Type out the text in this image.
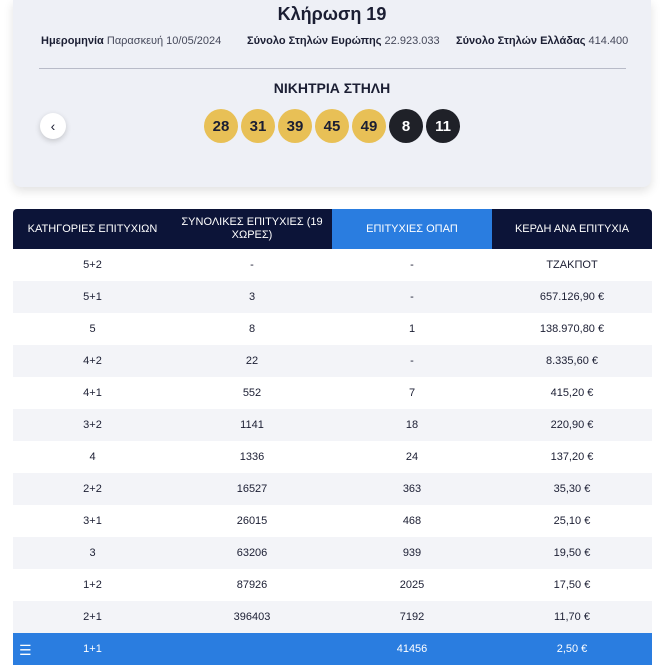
Κλήρωση 19
Ημερομηνία Παρασκευή 10/05/2024 Σύνολο Στηλών Ευρώπης 22.923.033 Σύνολο Στηλών Ελλάδας 414.400
ΝΙΚΗΤΡΙΑ ΣΤΗΛΗ
‹	28	31	39	45	49	8	11
ΚΑΤΗΓΟΡΙΕΣ ΕΠΙΤΥΧΙΩΝ	ΣΥΝΟΛΙΚΕΣ ΕΠΙΤΥΧΙΕΣ (19 ΧΩΡΕΣ)	ΕΠΙΤΥΧΙΕΣ ΟΠΑΠ	ΚΕΡΔΗ ΑΝΑ ΕΠΙΤΥΧΙΑ
5+2	-	-	ΤΖΑΚΠΟΤ
5+1	3	-	657.126,90 €
5	8	1	138.970,80 €
4+2	22	-	8.335,60 €
4+1	552	7	415,20 €
3+2	1141	18	220,90 €
4	1336	24	137,20 €
2+2	16527	363	35,30 €
3+1	26015	468	25,10 €
3	63206	939	19,50 €
1+2	87926	2025	17,50 €
2+1	396403	7192	11,70 €

☰ 1+1		41456	2,50 €
